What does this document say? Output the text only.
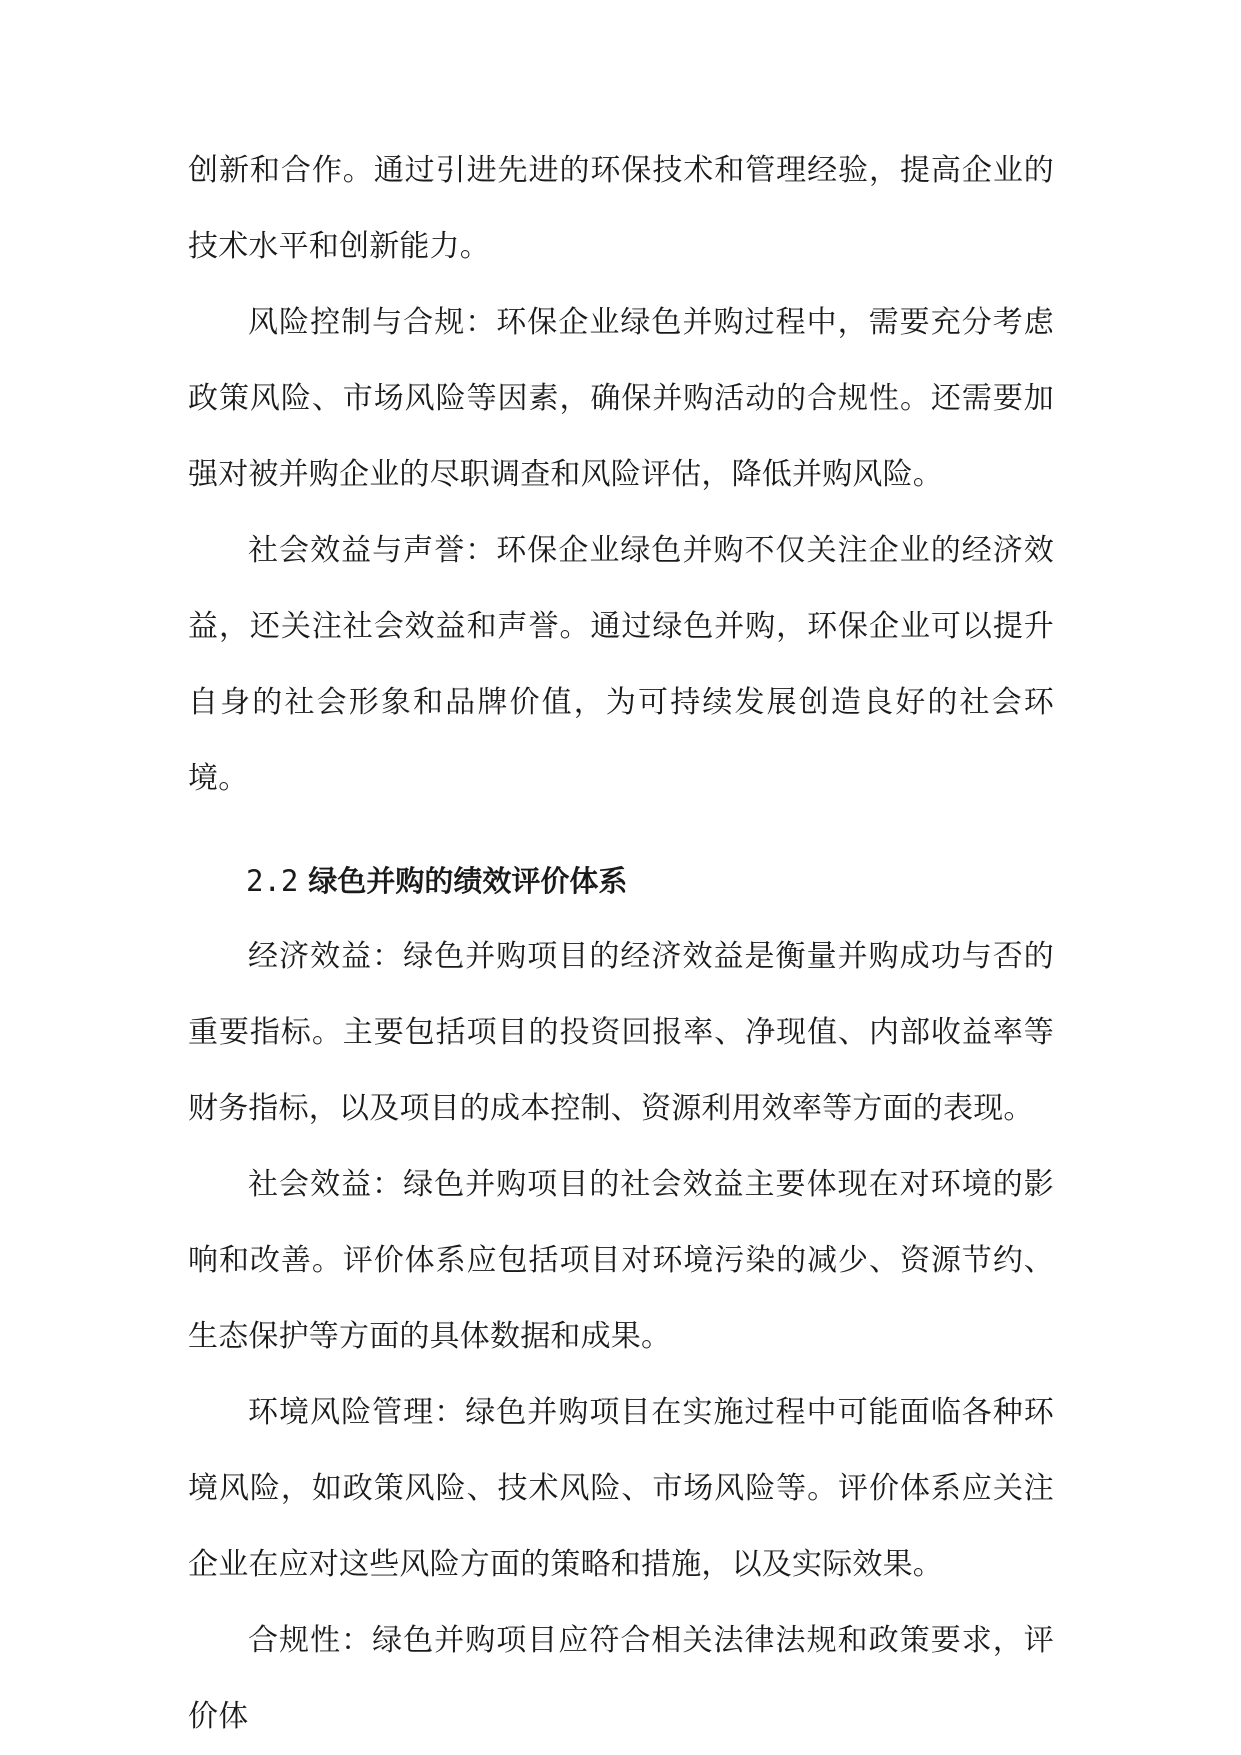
创新和合作。通过引进先进的环保技术和管理经验，提高企业的技术水平和创新能力。

风险控制与合规：环保企业绿色并购过程中，需要充分考虑政策风险、市场风险等因素，确保并购活动的合规性。还需要加强对被并购企业的尽职调查和风险评估，降低并购风险。

社会效益与声誉：环保企业绿色并购不仅关注企业的经济效益，还关注社会效益和声誉。通过绿色并购，环保企业可以提升自身的社会形象和品牌价值，为可持续发展创造良好的社会环境。

2.2 绿色并购的绩效评价体系

经济效益：绿色并购项目的经济效益是衡量并购成功与否的重要指标。主要包括项目的投资回报率、净现值、内部收益率等财务指标，以及项目的成本控制、资源利用效率等方面的表现。

社会效益：绿色并购项目的社会效益主要体现在对环境的影响和改善。评价体系应包括项目对环境污染的减少、资源节约、生态保护等方面的具体数据和成果。

环境风险管理：绿色并购项目在实施过程中可能面临各种环境风险，如政策风险、技术风险、市场风险等。评价体系应关注企业在应对这些风险方面的策略和措施，以及实际效果。

合规性：绿色并购项目应符合相关法律法规和政策要求，评价体
